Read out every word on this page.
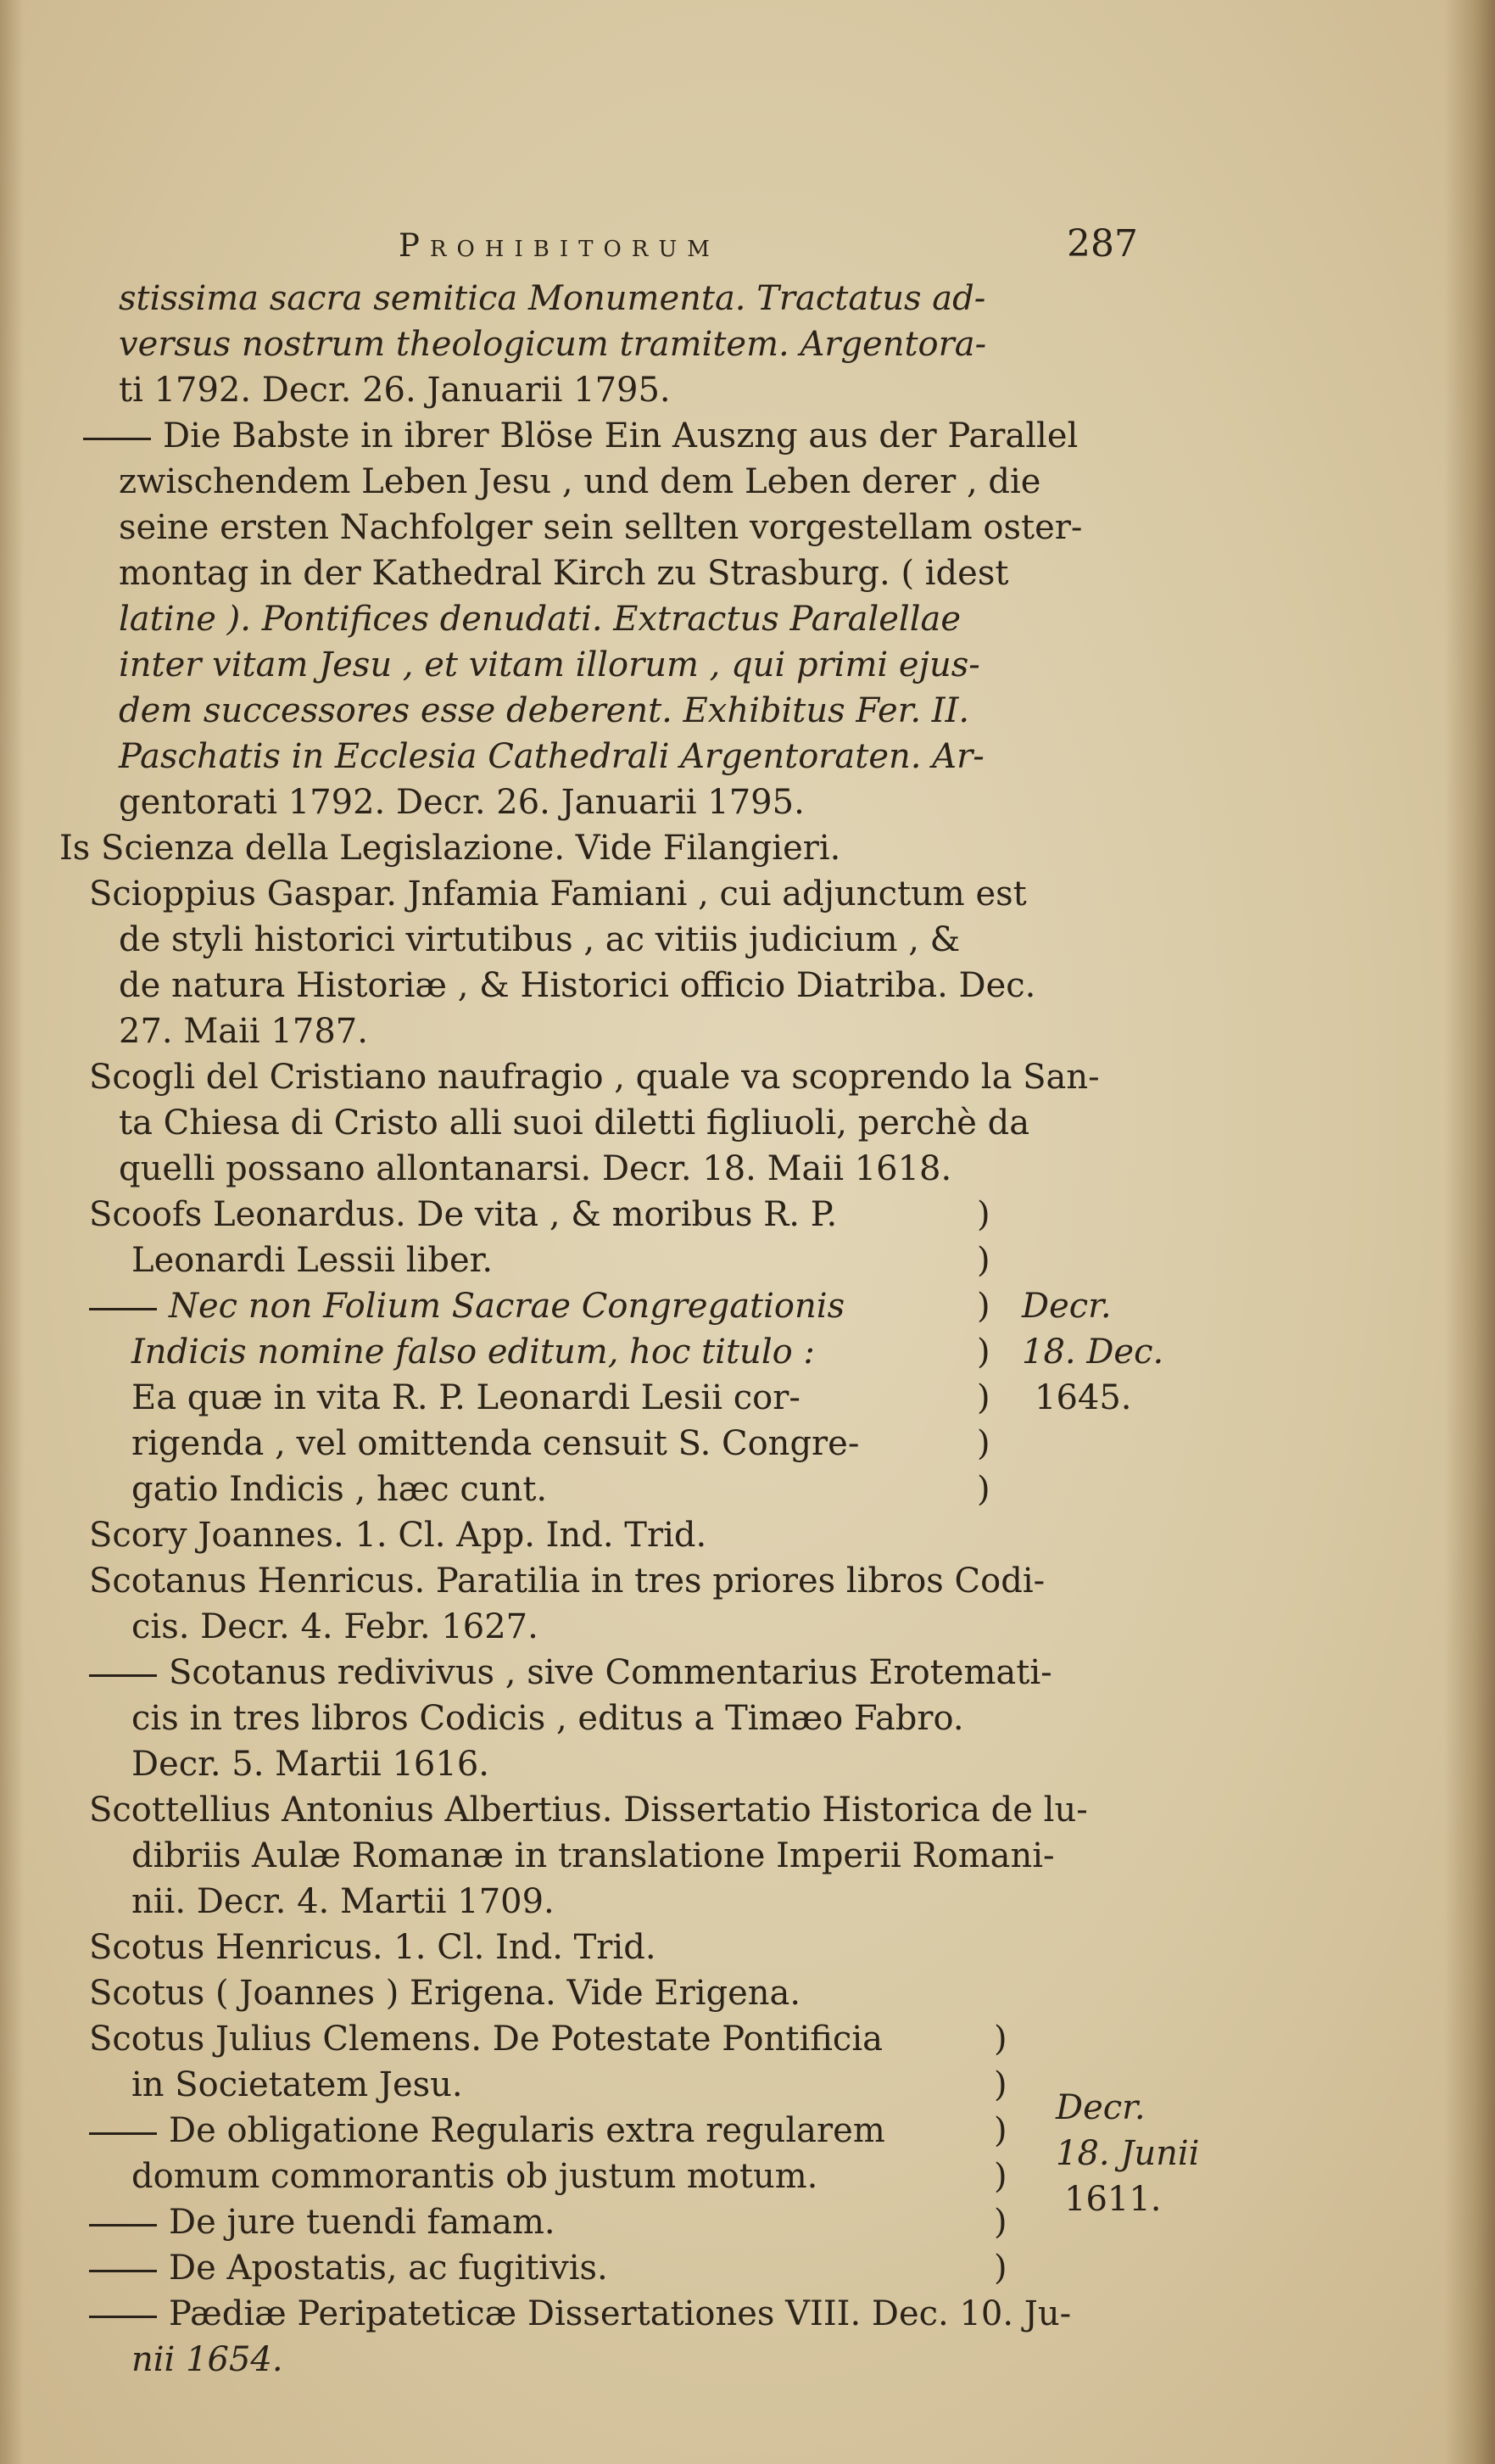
Prohibitorum	287
stissima sacra semitica Monumenta. Tractatus ad-
versus nostrum theologicum tramitem. Argentora-
ti 1792. Decr. 26. Januarii 1795.
Die Babste in ibrer Blöse Ein Auszng aus der Parallel
zwischendem Leben Jesu , und dem Leben derer , die
seine ersten Nachfolger sein sellten vorgestellam oster-
montag in der Kathedral Kirch zu Strasburg. ( idest
latine ). Pontifices denudati. Extractus Paralellae
inter vitam Jesu , et vitam illorum , qui primi ejus-
dem successores esse deberent. Exhibitus Fer. II.
Paschatis in Ecclesia Cathedrali Argentoraten. Ar-
gentorati 1792. Decr. 26. Januarii 1795.
Is Scienza della Legislazione. Vide Filangieri.
Scioppius Gaspar. Jnfamia Famiani , cui adjunctum est
de styli historici virtutibus , ac vitiis judicium , &
de natura Historiæ , & Historici officio Diatriba. Dec.
27. Maii 1787.
Scogli del Cristiano naufragio , quale va scoprendo la San-
ta Chiesa di Cristo alli suoi diletti figliuoli, perchè da
quelli possano allontanarsi. Decr. 18. Maii 1618.
Scoofs Leonardus. De vita , & moribus R. P.
Leonardi Lessii liber.
Nec non Folium Sacrae Congregationis
Indicis nomine falso editum, hoc titulo :
Ea quæ in vita R. P. Leonardi Lesii cor-
rigenda , vel omittenda censuit S. Congre-
gatio Indicis , hæc cunt.
)
)
)
)
)
)
)
Decr.
18. Dec.
1645.
Scory Joannes. 1. Cl. App. Ind. Trid.
Scotanus Henricus. Paratilia in tres priores libros Codi-
cis. Decr. 4. Febr. 1627.
Scotanus redivivus , sive Commentarius Erotemati-
cis in tres libros Codicis , editus a Timæo Fabro.
Decr. 5. Martii 1616.
Scottellius Antonius Albertius. Dissertatio Historica de lu-
dibriis Aulæ Romanæ in translatione Imperii Romani-
nii. Decr. 4. Martii 1709.
Scotus Henricus. 1. Cl. Ind. Trid.
Scotus ( Joannes ) Erigena. Vide Erigena.
Scotus Julius Clemens. De Potestate Pontificia
in Societatem Jesu.
De obligatione Regularis extra regularem
domum commorantis ob justum motum.
De jure tuendi famam.
De Apostatis, ac fugitivis.
)
)
)
)
)
)
Decr.
18. Junii
1611.
Pædiæ Peripateticæ Dissertationes VIII. Dec. 10. Ju-
nii 1654.
